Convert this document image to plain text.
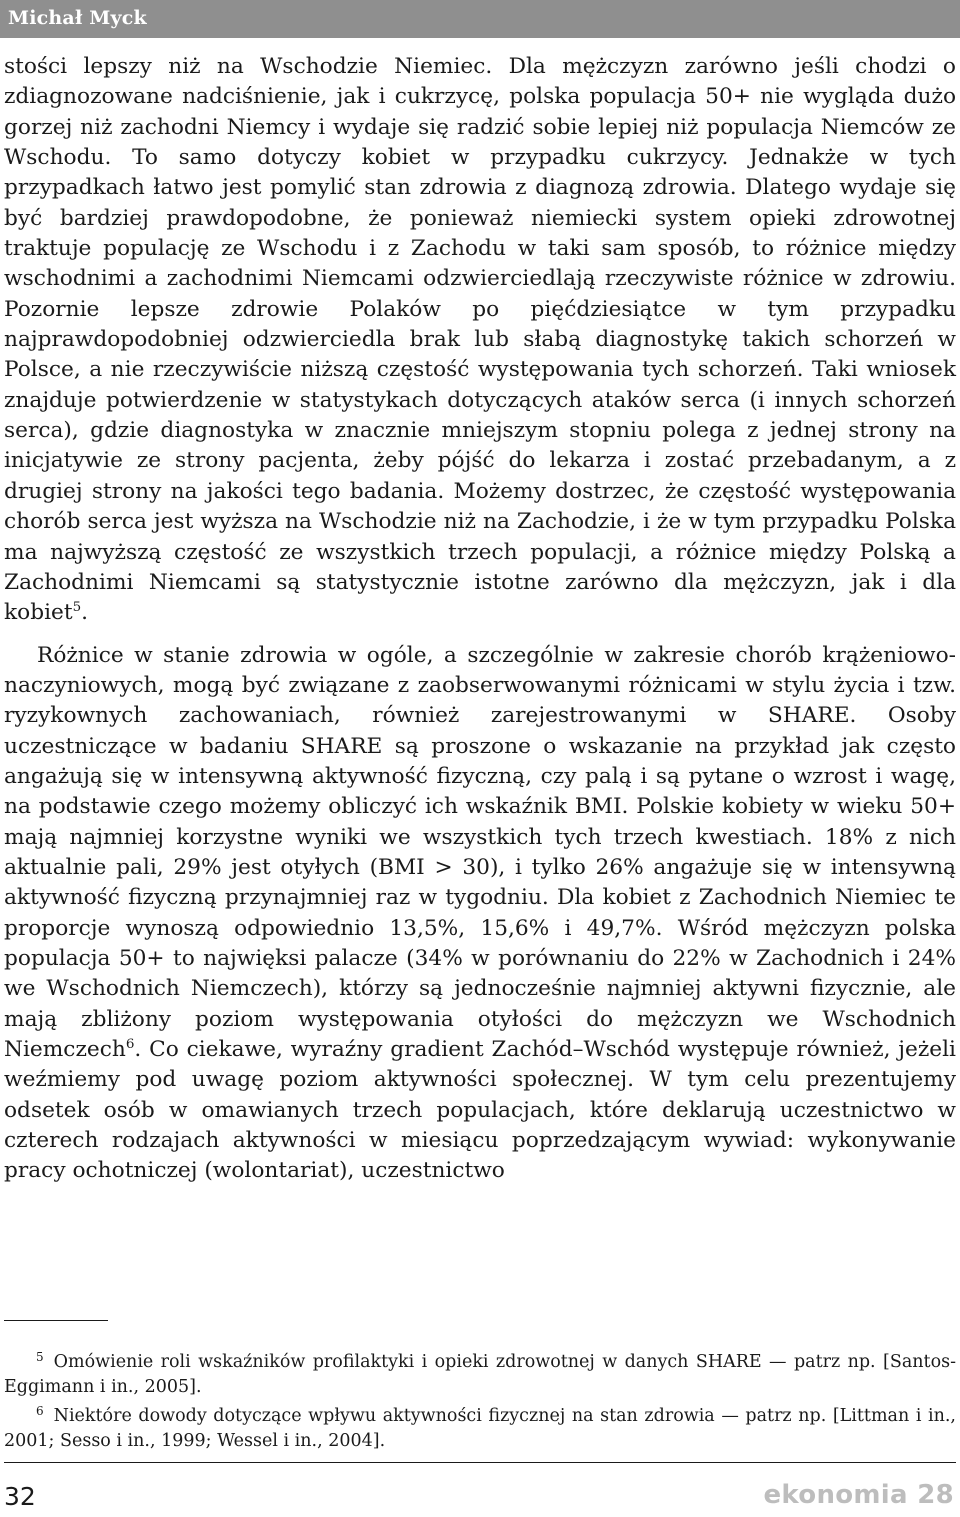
Michał Myck

stości lepszy niż na Wschodzie Niemiec. Dla mężczyzn zarówno jeśli chodzi o zdiagnozowane nadciśnienie, jak i cukrzycę, polska populacja 50+ nie wygląda dużo gorzej niż zachodni Niemcy i wydaje się radzić sobie lepiej niż populacja Niemców ze Wschodu. To samo dotyczy kobiet w przypadku cukrzycy. Jednakże w tych przypadkach łatwo jest pomylić stan zdrowia z diagnozą zdrowia. Dlatego wydaje się być bardziej prawdopodobne, że ponieważ niemiecki system opieki zdrowotnej traktuje populację ze Wschodu i z Zachodu w taki sam sposób, to różnice między wschodnimi a zachodnimi Niemcami odzwierciedlają rzeczywiste różnice w zdrowiu. Pozornie lepsze zdrowie Polaków po pięćdziesiątce w tym przypadku najprawdopodobniej odzwierciedla brak lub słabą diagnostykę takich schorzeń w Polsce, a nie rzeczywiście niższą częstość występowania tych schorzeń. Taki wniosek znajduje potwierdzenie w statystykach dotyczących ataków serca (i innych schorzeń serca), gdzie diagnostyka w znacznie mniejszym stopniu polega z jednej strony na inicjatywie ze strony pacjenta, żeby pójść do lekarza i zostać przebadanym, a z drugiej strony na jakości tego badania. Możemy dostrzec, że częstość występowania chorób serca jest wyższa na Wschodzie niż na Zachodzie, i że w tym przypadku Polska ma najwyższą częstość ze wszystkich trzech populacji, a różnice między Polską a Zachodnimi Niemcami są statystycznie istotne zarówno dla mężczyzn, jak i dla kobiet$^5$.

Różnice w stanie zdrowia w ogóle, a szczególnie w zakresie chorób krążeniowo-naczyniowych, mogą być związane z zaobserwowanymi różnicami w stylu życia i tzw. ryzykownych zachowaniach, również zarejestrowanymi w SHARE. Osoby uczestniczące w badaniu SHARE są proszone o wskazanie na przykład jak często angażują się w intensywną aktywność fizyczną, czy palą i są pytane o wzrost i wagę, na podstawie czego możemy obliczyć ich wskaźnik BMI. Polskie kobiety w wieku 50+ mają najmniej korzystne wyniki we wszystkich tych trzech kwestiach. 18% z nich aktualnie pali, 29% jest otyłych (BMI > 30), i tylko 26% angażuje się w intensywną aktywność fizyczną przynajmniej raz w tygodniu. Dla kobiet z Zachodnich Niemiec te proporcje wynoszą odpowiednio 13,5%, 15,6% i 49,7%. Wśród mężczyzn polska populacja 50+ to najwięksi palacze (34% w porównaniu do 22% w Zachodnich i 24% we Wschodnich Niemczech), którzy są jednocześnie najmniej aktywni fizycznie, ale mają zbliżony poziom występowania otyłości do mężczyzn we Wschodnich Niemczech$^6$. Co ciekawe, wyraźny gradient Zachód–Wschód występuje również, jeżeli weźmiemy pod uwagę poziom aktywności społecznej. W tym celu prezentujemy odsetek osób w omawianych trzech populacjach, które deklarują uczestnictwo w czterech rodzajach aktywności w miesiącu poprzedzającym wywiad: wykonywanie pracy ochotniczej (wolontariat), uczestnictwo

$^5$ Omówienie roli wskaźników profilaktyki i opieki zdrowotnej w danych SHARE — patrz np. [Santos-Eggimann i in., 2005].

$^6$ Niektóre dowody dotyczące wpływu aktywności fizycznej na stan zdrowia — patrz np. [Littman i in., 2001; Sesso i in., 1999; Wessel i in., 2004].

32	ekonomia 28
